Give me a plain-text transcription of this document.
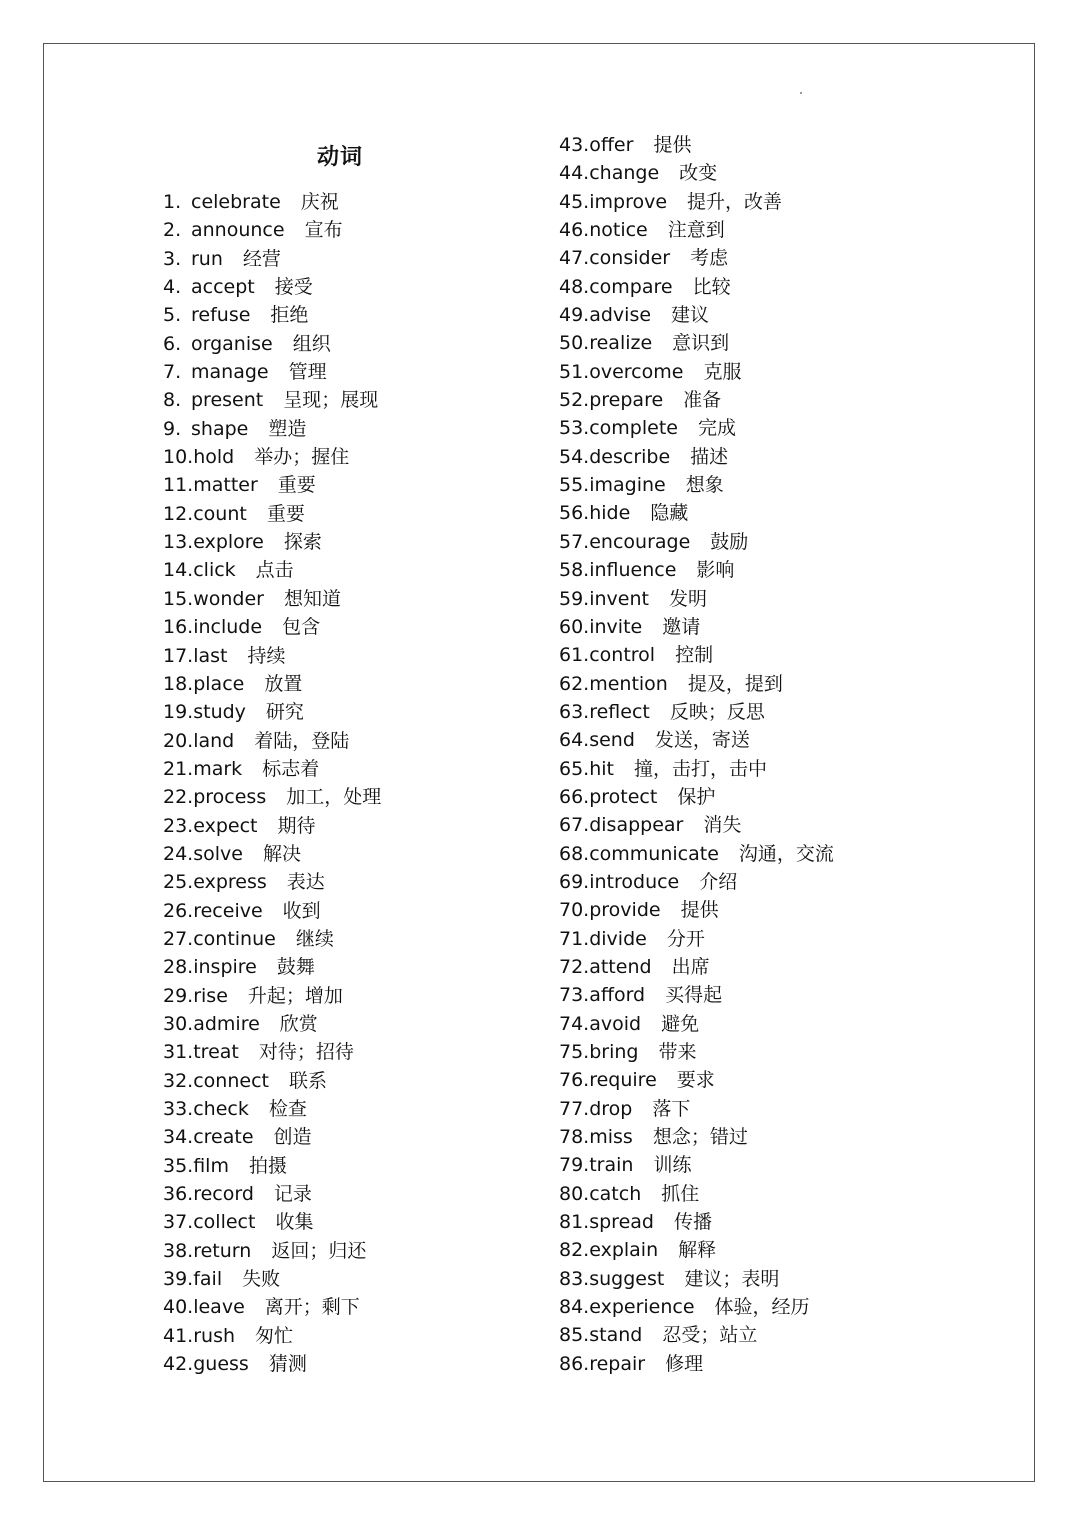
动词
1. celebrate 庆祝
2. announce 宣布
3. run 经营
4. accept 接受
5. refuse 拒绝
6. organise 组织
7. manage 管理
8. present 呈现；展现
9. shape 塑造
10.hold 举办；握住
11.matter 重要
12.count 重要
13.explore 探索
14.click 点击
15.wonder 想知道
16.include 包含
17.last 持续
18.place 放置
19.study 研究
20.land 着陆，登陆
21.mark 标志着
22.process 加工，处理
23.expect 期待
24.solve 解决
25.express 表达
26.receive 收到
27.continue 继续
28.inspire 鼓舞
29.rise 升起；增加
30.admire 欣赏
31.treat 对待；招待
32.connect 联系
33.check 检查
34.create 创造
35.film 拍摄
36.record 记录
37.collect 收集
38.return 返回；归还
39.fail 失败
40.leave 离开；剩下
41.rush 匆忙
42.guess 猜测
43.offer 提供
44.change 改变
45.improve 提升，改善
46.notice 注意到
47.consider 考虑
48.compare 比较
49.advise 建议
50.realize 意识到
51.overcome 克服
52.prepare 准备
53.complete 完成
54.describe 描述
55.imagine 想象
56.hide 隐藏
57.encourage 鼓励
58.influence 影响
59.invent 发明
60.invite 邀请
61.control 控制
62.mention 提及，提到
63.reflect 反映；反思
64.send 发送，寄送
65.hit 撞，击打，击中
66.protect 保护
67.disappear 消失
68.communicate 沟通，交流
69.introduce 介绍
70.provide 提供
71.divide 分开
72.attend 出席
73.afford 买得起
74.avoid 避免
75.bring 带来
76.require 要求
77.drop 落下
78.miss 想念；错过
79.train 训练
80.catch 抓住
81.spread 传播
82.explain 解释
83.suggest 建议；表明
84.experience 体验，经历
85.stand 忍受；站立
86.repair 修理
